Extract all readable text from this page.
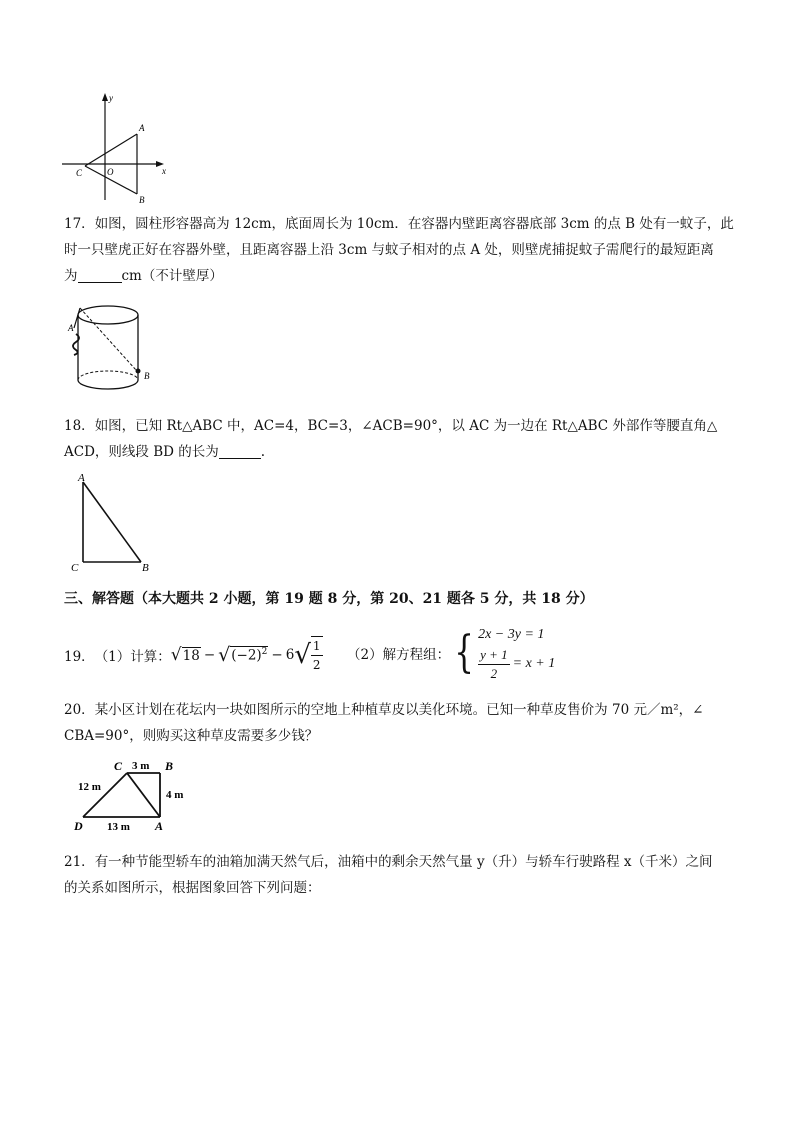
y
x
O
A
B
C
17．如图，圆柱形容器高为 12cm，底面周长为 10cm．在容器内壁距离容器底部 3cm 的点 B 处有一蚊子，此
时一只壁虎正好在容器外壁，且距离容器上沿 3cm 与蚊子相对的点 A 处，则壁虎捕捉蚊子需爬行的最短距离
为	cm（不计壁厚）
A
B
18．如图，已知 Rt△ABC 中，AC=4，BC=3，∠ACB=90°，以 AC 为一边在 Rt△ABC 外部作等腰直角△
ACD，则线段 BD 的长为	.
A
C	B
三、解答题（本大题共 2 小题，第 19 题 8 分，第 20、21 题各 5 分，共 18 分）
19． （1）计算： √ 18 − √ $(-2)^2 - 6$ √ $\frac{1}{2} (2)$解方程组： { 2x − 3y = 1
$\frac{y + 1}{2} = x + 1$
20．某小区计划在花坛内一块如图所示的空地上种植草皮以美化环境。已知一种草皮售价为 70 元／m²，∠
CBA=90°，则购买这种草皮需要多少钱？
C	B
D	A
3 m
12 m
4 m
13 m
21．有一种节能型轿车的油箱加满天然气后，油箱中的剩余天然气量 y（升）与轿车行驶路程 x（千米）之间
的关系如图所示，根据图象回答下列问题：
